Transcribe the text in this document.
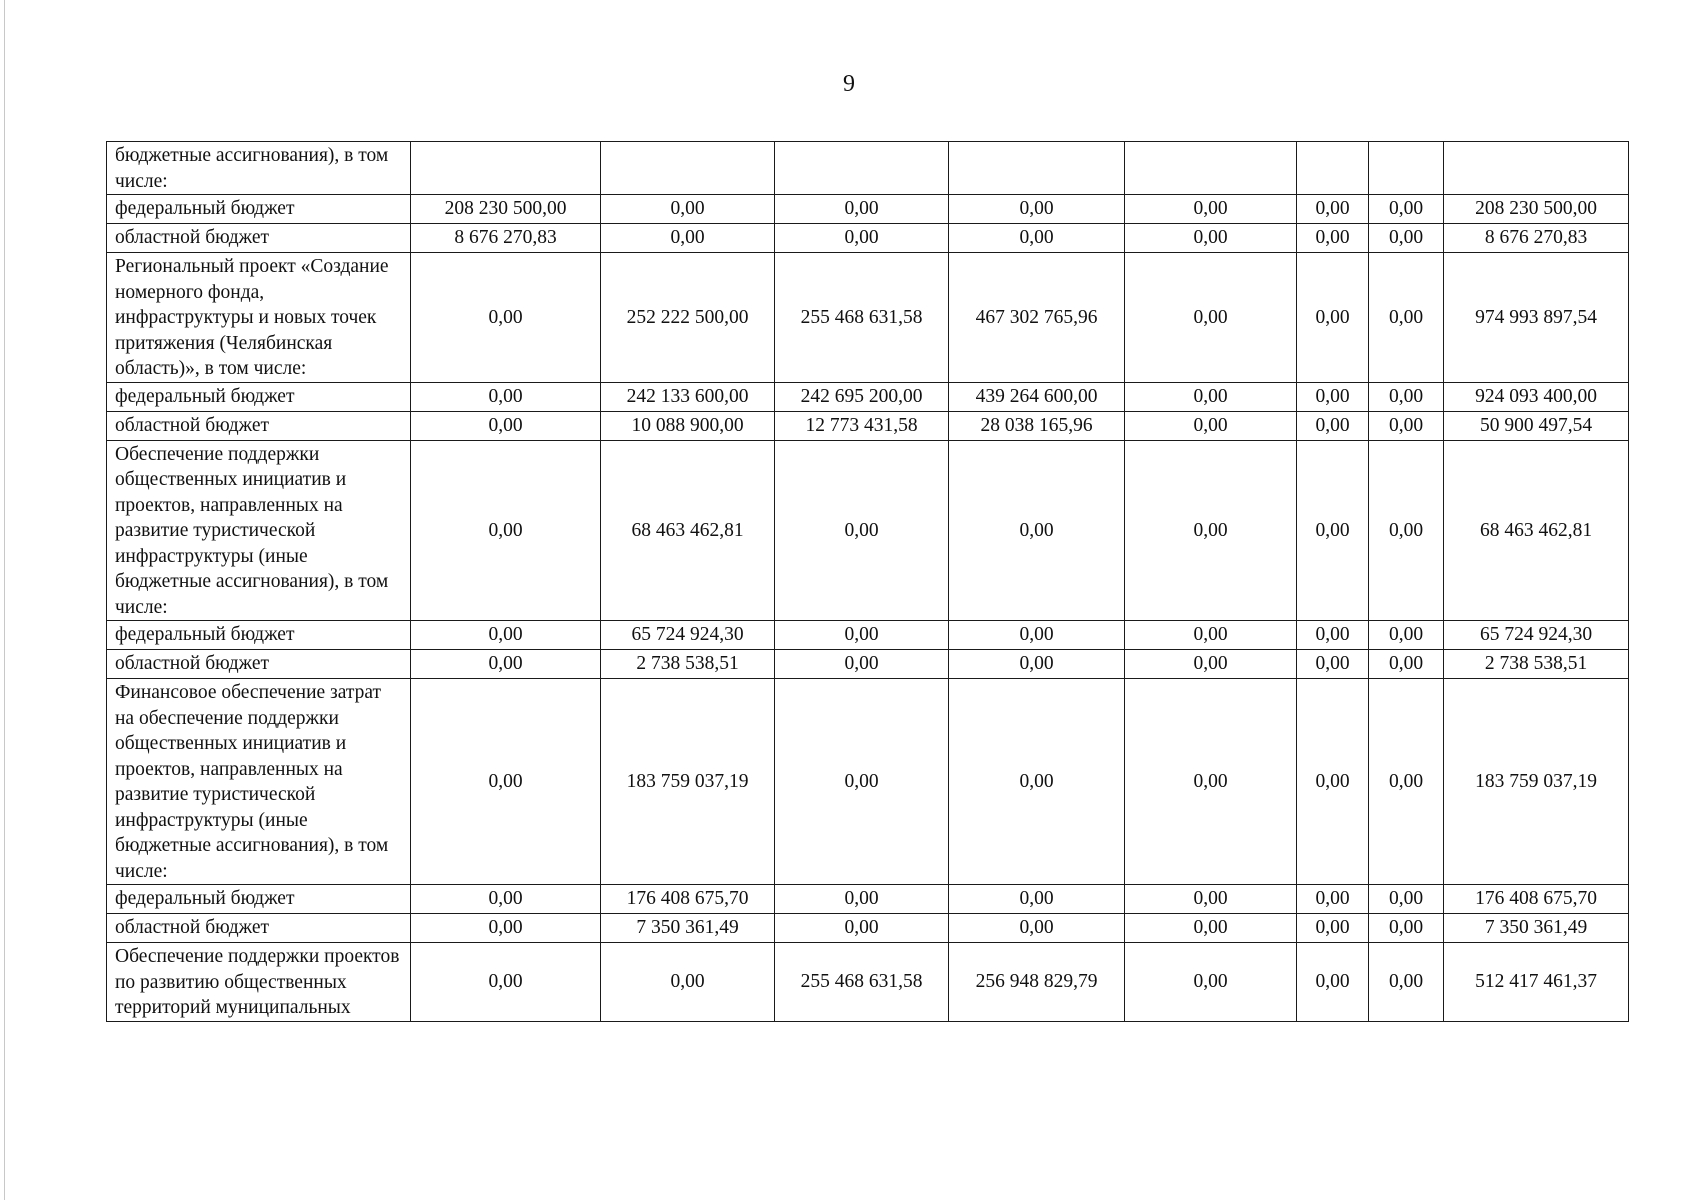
9
бюджетные ассигнования), в том числе:								
федеральный бюджет	208 230 500,00	0,00	0,00	0,00	0,00	0,00	0,00	208 230 500,00
областной бюджет	8 676 270,83	0,00	0,00	0,00	0,00	0,00	0,00	8 676 270,83
Региональный проект «Создание номерного фонда, инфраструктуры и новых точек притяжения (Челябинская область)», в том числе:	0,00	252 222 500,00	255 468 631,58	467 302 765,96	0,00	0,00	0,00	974 993 897,54
федеральный бюджет	0,00	242 133 600,00	242 695 200,00	439 264 600,00	0,00	0,00	0,00	924 093 400,00
областной бюджет	0,00	10 088 900,00	12 773 431,58	28 038 165,96	0,00	0,00	0,00	50 900 497,54
Обеспечение поддержки общественных инициатив и проектов, направленных на развитие туристической инфраструктуры (иные бюджетные ассигнования), в том числе:	0,00	68 463 462,81	0,00	0,00	0,00	0,00	0,00	68 463 462,81
федеральный бюджет	0,00	65 724 924,30	0,00	0,00	0,00	0,00	0,00	65 724 924,30
областной бюджет	0,00	2 738 538,51	0,00	0,00	0,00	0,00	0,00	2 738 538,51
Финансовое обеспечение затрат на обеспечение поддержки общественных инициатив и проектов, направленных на развитие туристической инфраструктуры (иные бюджетные ассигнования), в том числе:	0,00	183 759 037,19	0,00	0,00	0,00	0,00	0,00	183 759 037,19
федеральный бюджет	0,00	176 408 675,70	0,00	0,00	0,00	0,00	0,00	176 408 675,70
областной бюджет	0,00	7 350 361,49	0,00	0,00	0,00	0,00	0,00	7 350 361,49
Обеспечение поддержки проектов по развитию общественных территорий муниципальных	0,00	0,00	255 468 631,58	256 948 829,79	0,00	0,00	0,00	512 417 461,37
